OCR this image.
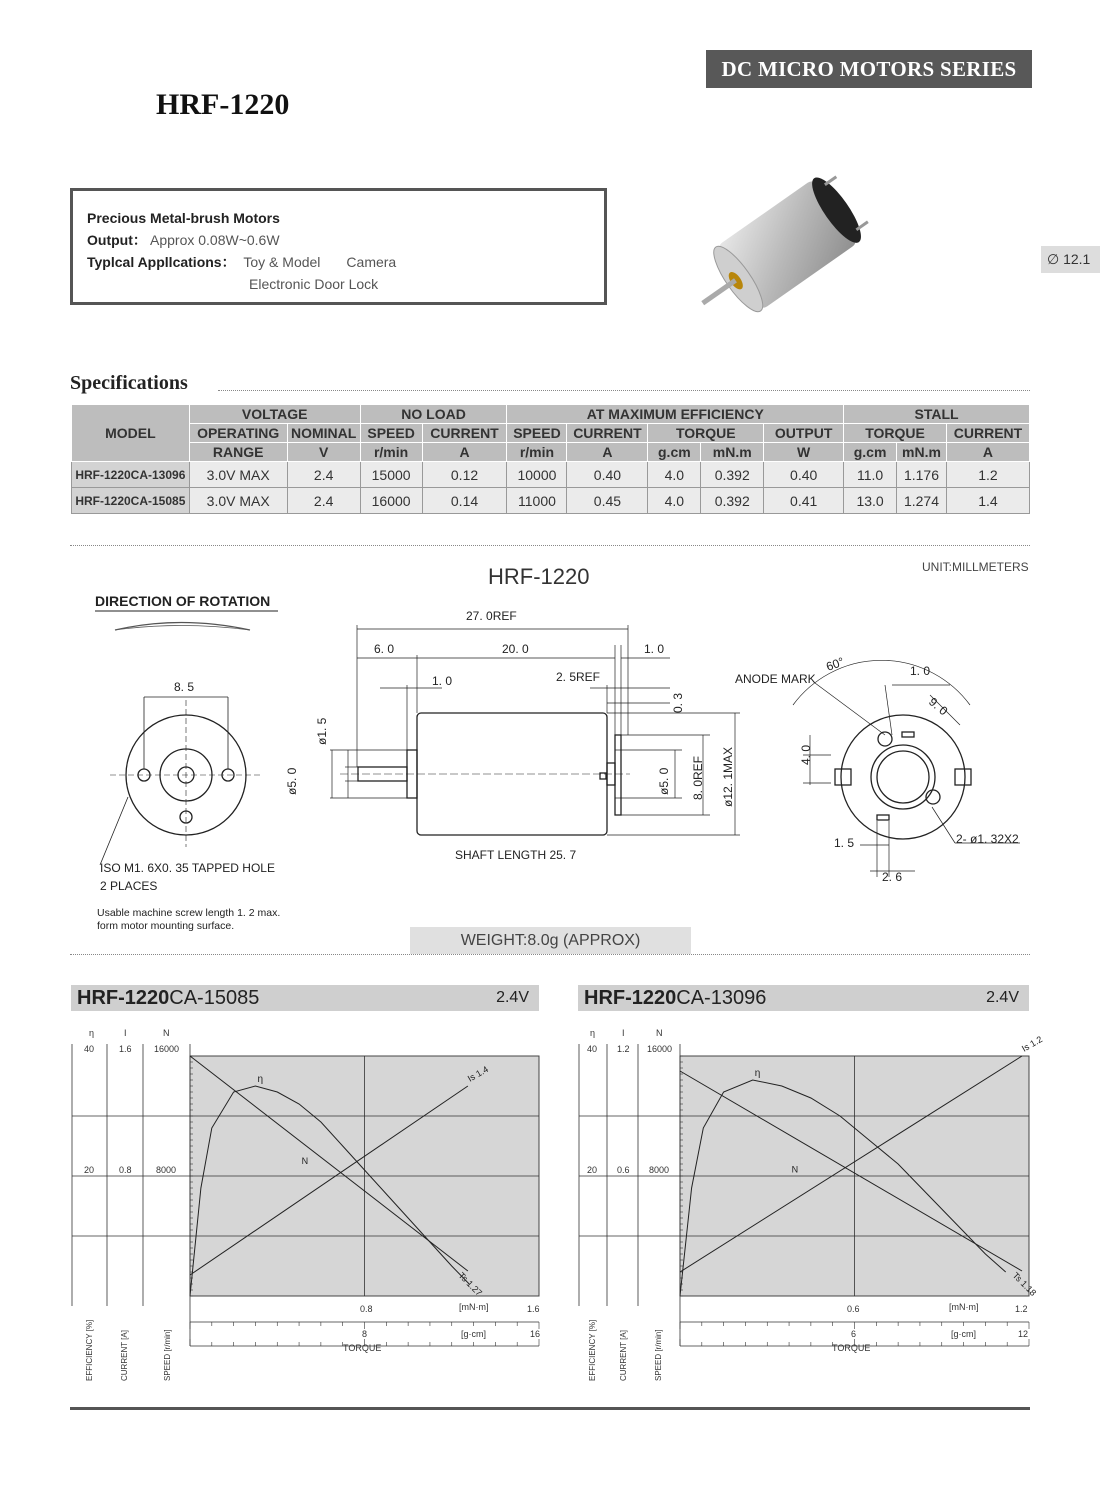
DC MICRO MOTORS SERIES
HRF-1220
Precious Metal-brush Motors
Output： Approx 0.08W~0.6W
Typlcal Appllcations： Toy & Model Camera
Electronic Door Lock
∅ 12.1
Specifications
MODEL	VOLTAGE		NO LOAD		AT MAXIMUM EFFICIENCY					STALL		
	OPERATING	NOMINAL	SPEED	CURRENT	SPEED	CURRENT	TORQUE		OUTPUT	TORQUE		CURRENT
	RANGE	V	r/min	A	r/min	A	g.cm	mN.m	W	g.cm	mN.m	A
HRF-1220CA-13096	3.0V MAX	2.4	15000	0.12	10000	0.40	4.0	0.392	0.40	11.0	1.176	1.2
HRF-1220CA-15085	3.0V MAX	2.4	16000	0.14	11000	0.45	4.0	0.392	0.41	13.0	1.274	1.4
HRF-1220	UNIT:MILLMETERS
DIRECTION OF ROTATION
8. 5
ISO M1. 6X0. 35 TAPPED HOLE
2 PLACES
Usable machine screw length 1. 2 max.
form motor mounting surface.
27. 0REF
6. 0	20. 0	1. 0
1. 0	2. 5REF
0. 3
ø1. 5
ø5. 0	ø5. 0 8. 0REF ø12. 1MAX
SHAFT LENGTH 25. 7
ANODE MARK
60°	1. 0
9. 0
4. 0
1. 5
2. 6
2- ø1. 32X2
WEIGHT:8.0g (APPROX)
HRF-1220CA-15085	2.4V	HRF-1220CA-13096	2.4V
η	I	N
40	1.6 16000
20	0.8	8000
0.8	1.6
[mN·m]
8	16
[g·cm]
TORQUE
EFFICIENCY [%]	CURRENT [A]	SPEED [r/min]
N
Ts 1.27
Is 1.4
η
η	I	N
40 1.2 16000
20 0.6 8000
0.6	1.2
[mN·m]
6	12
[g·cm]
TORQUE
EFFICIENCY [%]	CURRENT [A]	SPEED [r/min]
N
Ts 1.18
Is 1.2
η
